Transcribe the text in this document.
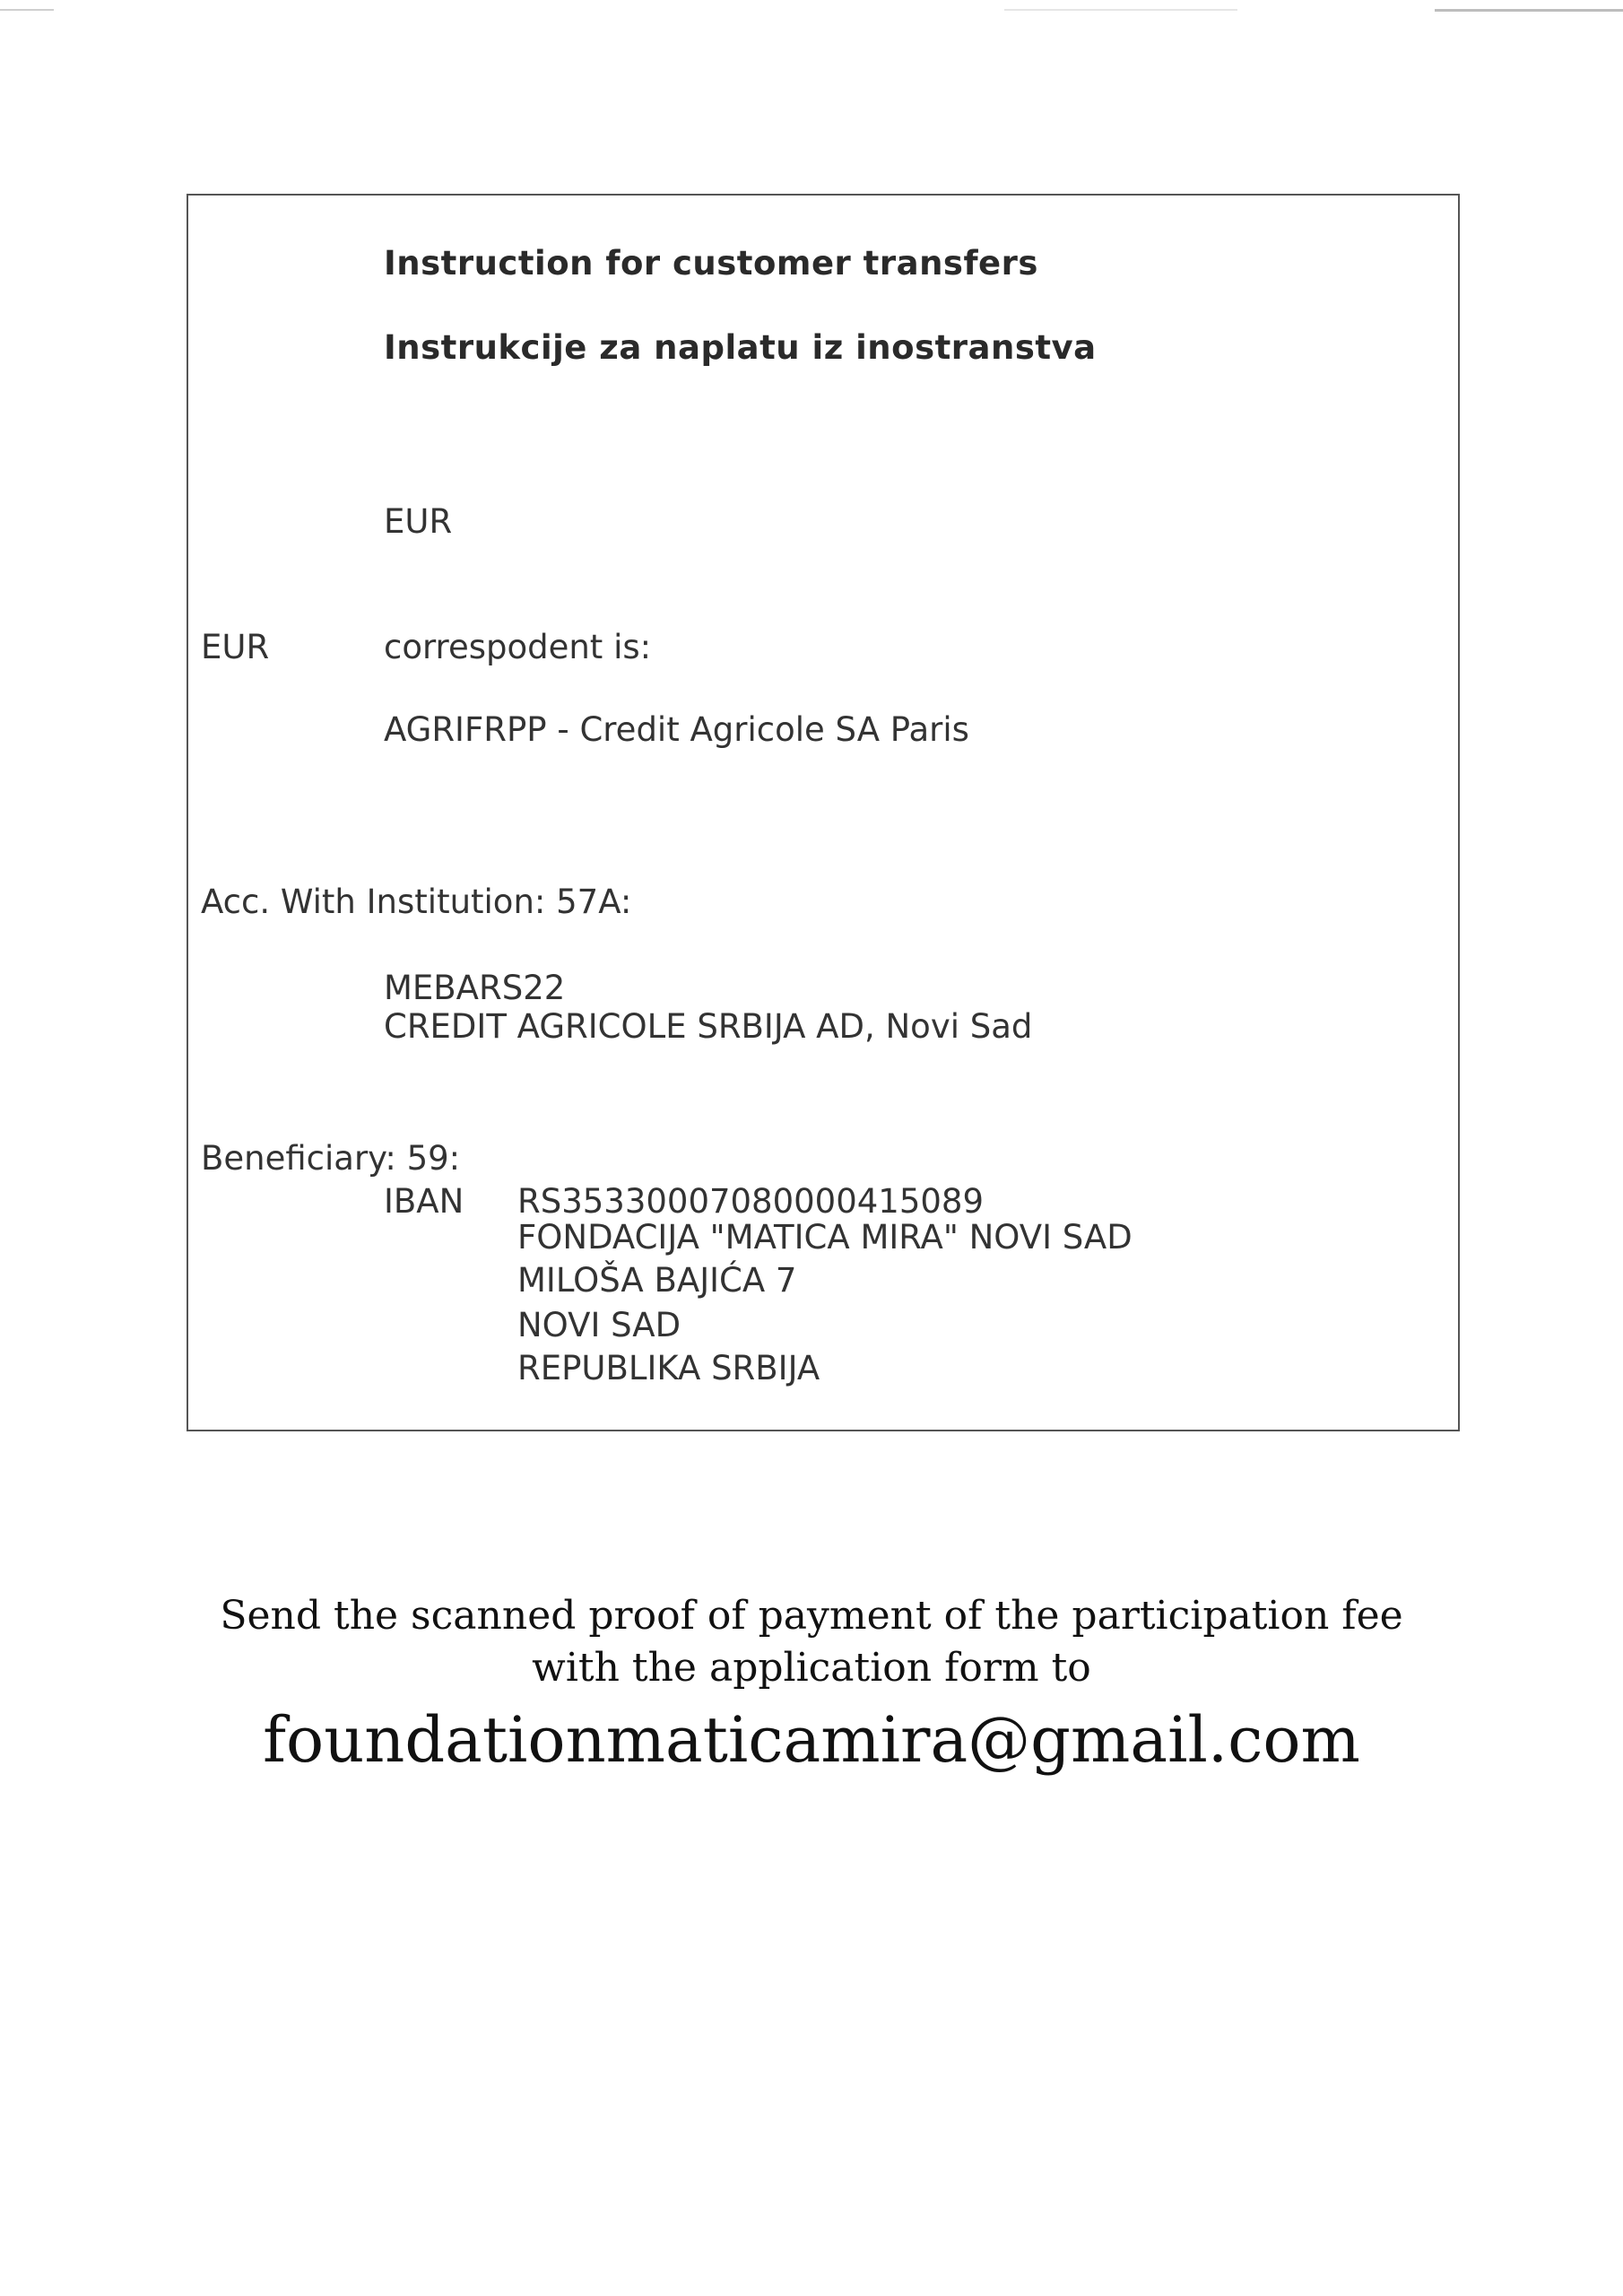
Instruction for customer transfers
Instrukcije za naplatu iz inostranstva
EUR
EUR	correspodent is:
AGRIFRPP - Credit Agricole SA Paris
Acc. With Institution: 57A:
MEBARS22
CREDIT AGRICOLE SRBIJA AD, Novi Sad
Beneficiary: 59:
IBAN RS35330007080000415089
FONDACIJA "MATICA MIRA" NOVI SAD
MILOŠA BAJIĆA 7
NOVI SAD
REPUBLIKA SRBIJA
Send the scanned proof of payment of the participation fee
with the application form to
foundationmaticamira@gmail.com
